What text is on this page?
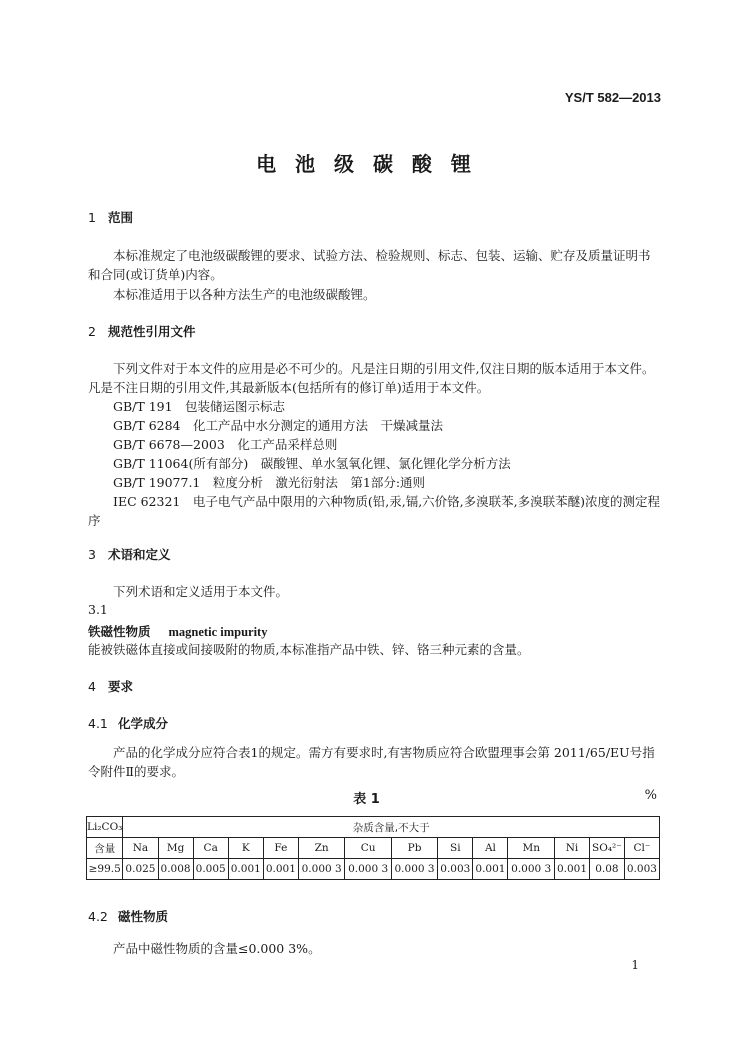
YS/T 582—2013
电 池 级 碳 酸 锂
1 范围
本标准规定了电池级碳酸锂的要求、试验方法、检验规则、标志、包装、运输、贮存及质量证明书和合同(或订货单)内容。
本标准适用于以各种方法生产的电池级碳酸锂。
2 规范性引用文件
下列文件对于本文件的应用是必不可少的。凡是注日期的引用文件,仅注日期的版本适用于本文件。凡是不注日期的引用文件,其最新版本(包括所有的修订单)适用于本文件。
GB/T 191　包装储运图示标志
GB/T 6284　化工产品中水分测定的通用方法　干燥减量法
GB/T 6678—2003　化工产品采样总则
GB/T 11064(所有部分)　碳酸锂、单水氢氧化锂、氯化锂化学分析方法
GB/T 19077.1　粒度分析　激光衍射法　第1部分:通则
IEC 62321　电子电气产品中限用的六种物质(铅,汞,镉,六价铬,多溴联苯,多溴联苯醚)浓度的测定程序
3 术语和定义
下列术语和定义适用于本文件。
3.1
铁磁性物质 magnetic impurity
能被铁磁体直接或间接吸附的物质,本标准指产品中铁、锌、铬三种元素的含量。
4 要求
4.1 化学成分
产品的化学成分应符合表1的规定。需方有要求时,有害物质应符合欧盟理事会第 2011/65/EU号指令附件Ⅱ的要求。
表 1	%
Li₂CO₃	杂质含量,不大于													
含量	Na	Mg	Ca	K	Fe	Zn	Cu	Pb	Si	Al	Mn	Ni	SO₄²⁻	Cl⁻
≥99.5	0.025	0.008	0.005	0.001	0.001	0.000 3	0.000 3	0.000 3	0.003	0.001	0.000 3	0.001	0.08	0.003
4.2 磁性物质
产品中磁性物质的含量≤0.000 3%。
1
